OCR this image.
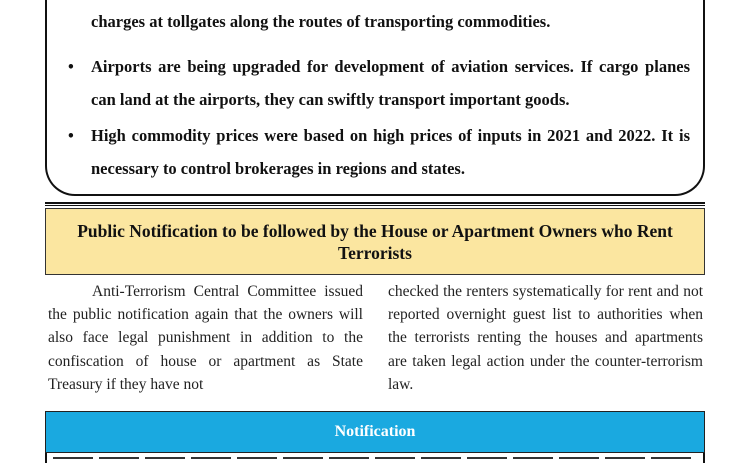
charges at tollgates along the routes of transporting commodities.
• Airports are being upgraded for development of aviation services. If cargo planes can land at the airports, they can swiftly transport important goods.
• High commodity prices were based on high prices of inputs in 2021 and 2022. It is necessary to control brokerages in regions and states.
Public Notification to be followed by the House or Apartment Owners who Rent Terrorists

Anti-Terrorism Central Committee issued the public notification again that the owners will also face legal punishment in addition to the confiscation of house or apartment as State Treasury if they have not

checked the renters systematically for rent and not reported overnight guest list to authorities when the terrorists renting the houses and apartments are taken legal action under the counter-terrorism law.

Notification
